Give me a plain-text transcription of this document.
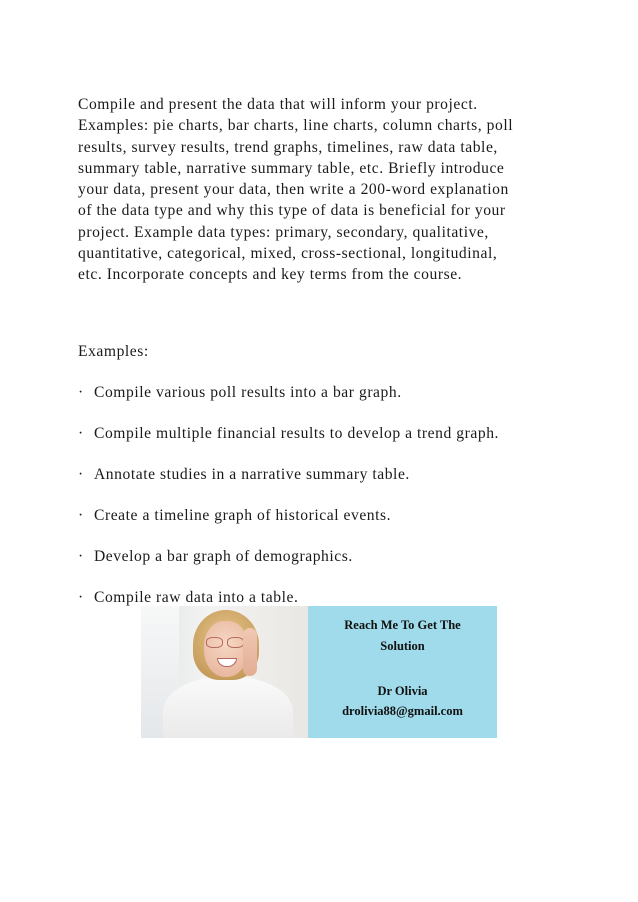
Compile and present the data that will inform your project.
Examples: pie charts, bar charts, line charts, column charts, poll
results, survey results, trend graphs, timelines, raw data table,
summary table, narrative summary table, etc. Briefly introduce
your data, present your data, then write a 200-word explanation
of the data type and why this type of data is beneficial for your
project. Example data types: primary, secondary, qualitative,
quantitative, categorical, mixed, cross-sectional, longitudinal,
etc. Incorporate concepts and key terms from the course.

Examples:

· Compile various poll results into a bar graph.
· Compile multiple financial results to develop a trend graph.
· Annotate studies in a narrative summary table.
· Create a timeline graph of historical events.
· Develop a bar graph of demographics.
· Compile raw data into a table.
Reach Me To Get The
Solution
Dr Olivia
drolivia88@gmail.com
